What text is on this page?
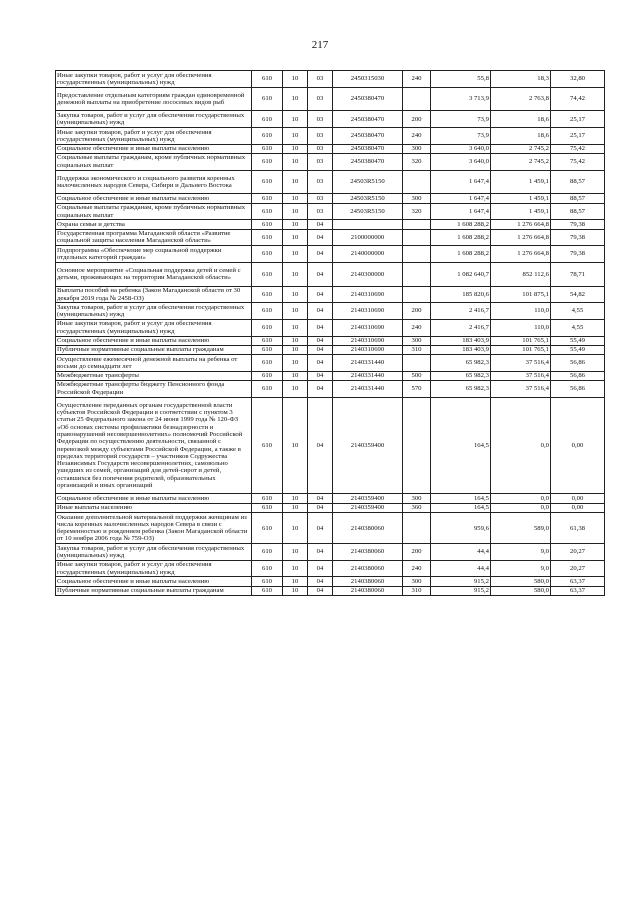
217
Иные закупки товаров, работ и услуг для обеспечения государственных (муниципальных) нужд	610	10	03	2450315030	240	55,8	18,3	32,80
Предоставление отдельным категориям граждан единовременной денежной выплаты на приобретение лососевых видов рыб	610	10	03	2450380470		3 713,9	2 763,8	74,42
Закупка товаров, работ и услуг для обеспечения государственных (муниципальных) нужд	610	10	03	2450380470	200	73,9	18,6	25,17
Иные закупки товаров, работ и услуг для обеспечения государственных (муниципальных) нужд	610	10	03	2450380470	240	73,9	18,6	25,17
Социальное обеспечение и иные выплаты населению	610	10	03	2450380470	300	3 640,0	2 745,2	75,42
Социальные выплаты гражданам, кроме публичных нормативных социальных выплат	610	10	03	2450380470	320	3 640,0	2 745,2	75,42
Поддержка экономического и социального развития коренных малочисленных народов Севера, Сибири и Дальнего Востока	610	10	03	24503R5150		1 647,4	1 459,1	88,57
Социальное обеспечение и иные выплаты населению	610	10	03	24503R5150	300	1 647,4	1 459,1	88,57
Социальные выплаты гражданам, кроме публичных нормативных социальных выплат	610	10	03	24503R5150	320	1 647,4	1 459,1	88,57
Охрана семьи и детства	610	10	04			1 608 288,2	1 276 664,8	79,38
Государственная программа Магаданской области «Развитие социальной защиты населения Магаданской области»	610	10	04	2100000000		1 608 288,2	1 276 664,8	79,38
Подпрограмма «Обеспечение мер социальной поддержки отдельных категорий граждан»	610	10	04	2140000000		1 608 288,2	1 276 664,8	79,38
Основное мероприятие «Социальная поддержка детей и семей с детьми, проживающих на территории Магаданской области»	610	10	04	2140300000		1 082 640,7	852 112,6	78,71
Выплаты пособий на ребенка (Закон Магаданской области от 30 декабря 2019 года № 2458-ОЗ)	610	10	04	2140310690		185 820,6	101 875,1	54,82
Закупка товаров, работ и услуг для обеспечения государственных (муниципальных) нужд	610	10	04	2140310690	200	2 416,7	110,0	4,55
Иные закупки товаров, работ и услуг для обеспечения государственных (муниципальных) нужд	610	10	04	2140310690	240	2 416,7	110,0	4,55
Социальное обеспечение и иные выплаты населению	610	10	04	2140310690	300	183 403,9	101 765,1	55,49
Публичные нормативные социальные выплаты гражданам	610	10	04	2140310690	310	183 403,9	101 765,1	55,49
Осуществление ежемесячной денежной выплаты на ребенка от восьми до семнадцати лет	610	10	04	2140331440		65 982,3	37 516,4	56,86
Межбюджетные трансферты	610	10	04	2140331440	500	65 982,3	37 516,4	56,86
Межбюджетные трансферты бюджету Пенсионного фонда Российской Федерации	610	10	04	2140331440	570	65 982,3	37 516,4	56,86
Осуществление переданных органам государственной власти субъектов Российской Федерации в соответствии с пунктом 3 статьи 25 Федерального закона от 24 июня 1999 года № 120-ФЗ «Об основах системы профилактики безнадзорности и правонарушений несовершеннолетних» полномочий Российской Федерации по осуществлению деятельности, связанной с перевозкой между субъектами Российской Федерации, а также в пределах территорий государств – участников Содружества Независимых Государств несовершеннолетних, самовольно ушедших из семей, организаций для детей-сирот и детей, оставшихся без попечения родителей, образовательных организаций и иных организаций	610	10	04	2140359400		164,5	0,0	0,00
Социальное обеспечение и иные выплаты населению	610	10	04	2140359400	300	164,5	0,0	0,00
Иные выплаты населению	610	10	04	2140359400	360	164,5	0,0	0,00
Оказание дополнительной материальной поддержки женщинам из числа коренных малочисленных народов Севера в связи с беременностью и рождением ребенка (Закон Магаданской области от 10 ноября 2006 года № 759-ОЗ)	610	10	04	2140380060		959,6	589,0	61,38
Закупка товаров, работ и услуг для обеспечения государственных (муниципальных) нужд	610	10	04	2140380060	200	44,4	9,0	20,27
Иные закупки товаров, работ и услуг для обеспечения государственных (муниципальных) нужд	610	10	04	2140380060	240	44,4	9,0	20,27
Социальное обеспечение и иные выплаты населению	610	10	04	2140380060	300	915,2	580,0	63,37
Публичные нормативные социальные выплаты гражданам	610	10	04	2140380060	310	915,2	580,0	63,37
